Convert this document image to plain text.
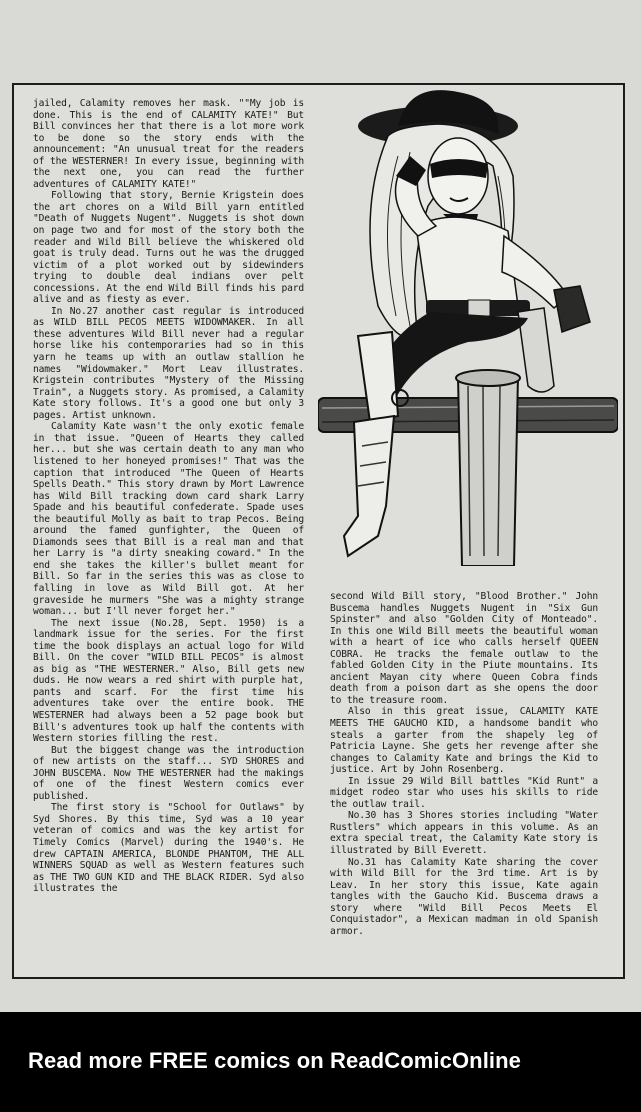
jailed, Calamity removes her mask. ""My job is done. This is the end of CALAMITY KATE!" But Bill convinces her that there is a lot more work to be done so the story ends with the announcement: "An unusual treat for the readers of the WESTERNER! In every issue, beginning with the next one, you can read the further adventures of CALAMITY KATE!"

Following that story, Bernie Krigstein does the art chores on a Wild Bill yarn entitled "Death of Nuggets Nugent". Nuggets is shot down on page two and for most of the story both the reader and Wild Bill believe the whiskered old goat is truly dead. Turns out he was the drugged victim of a plot worked out by sidewinders trying to double deal indians over pelt concessions. At the end Wild Bill finds his pard alive and as fiesty as ever.

In No.27 another cast regular is introduced as WILD BILL PECOS MEETS WIDOWMAKER. In all these adventures Wild Bill never had a regular horse like his contemporaries had so in this yarn he teams up with an outlaw stallion he names "Widowmaker." Mort Leav illustrates. Krigstein contributes "Mystery of the Missing Train", a Nuggets story. As promised, a Calamity Kate story follows. It's a good one but only 3 pages. Artist unknown.

Calamity Kate wasn't the only exotic female in that issue. "Queen of Hearts they called her... but she was certain death to any man who listened to her honeyed promises!" That was the caption that introduced "The Queen of Hearts Spells Death." This story drawn by Mort Lawrence has Wild Bill tracking down card shark Larry Spade and his beautiful confederate. Spade uses the beautiful Molly as bait to trap Pecos. Being around the famed gunfighter, the Queen of Diamonds sees that Bill is a real man and that her Larry is "a dirty sneaking coward." In the end she takes the killer's bullet meant for Bill. So far in the series this was as close to falling in love as Wild Bill got. At her graveside he murmers "She was a mighty strange woman... but I'll never forget her."

The next issue (No.28, Sept. 1950) is a landmark issue for the series. For the first time the book displays an actual logo for Wild Bill. On the cover "WILD BILL PECOS" is almost as big as "THE WESTERNER." Also, Bill gets new duds. He now wears a red shirt with purple hat, pants and scarf. For the first time his adventures take over the entire book. THE WESTERNER had always been a 52 page book but Bill's adventures took up half the contents with Western stories filling the rest.

But the biggest change was the introduction of new artists on the staff... SYD SHORES and JOHN BUSCEMA. Now THE WESTERNER had the makings of one of the finest Western comics ever published.

The first story is "School for Outlaws" by Syd Shores. By this time, Syd was a 10 year veteran of comics and was the key artist for Timely Comics (Marvel) during the 1940's. He drew CAPTAIN AMERICA, BLONDE PHANTOM, THE ALL WINNERS SQUAD as well as Western features such as THE TWO GUN KID and THE BLACK RIDER. Syd also illustrates the

second Wild Bill story, "Blood Brother." John Buscema handles Nuggets Nugent in "Six Gun Spinster" and also "Golden City of Monteado". In this one Wild Bill meets the beautiful woman with a heart of ice who calls herself QUEEN COBRA. He tracks the female outlaw to the fabled Golden City in the Piute mountains. Its ancient Mayan city where Queen Cobra finds death from a poison dart as she opens the door to the treasure room.

Also in this great issue, CALAMITY KATE MEETS THE GAUCHO KID, a handsome bandit who steals a garter from the shapely leg of Patricia Layne. She gets her revenge after she changes to Calamity Kate and brings the Kid to justice. Art by John Rosenberg.

In issue 29 Wild Bill battles "Kid Runt" a midget rodeo star who uses his skills to ride the outlaw trail.

No.30 has 3 Shores stories including "Water Rustlers" which appears in this volume. As an extra special treat, the Calamity Kate story is illustrated by Bill Everett.

No.31 has Calamity Kate sharing the cover with Wild Bill for the 3rd time. Art is by Leav. In her story this issue, Kate again tangles with the Gaucho Kid. Buscema draws a story where "Wild Bill Pecos Meets El Conquistador", a Mexican madman in old Spanish armor.

Read more FREE comics on ReadComicOnline
